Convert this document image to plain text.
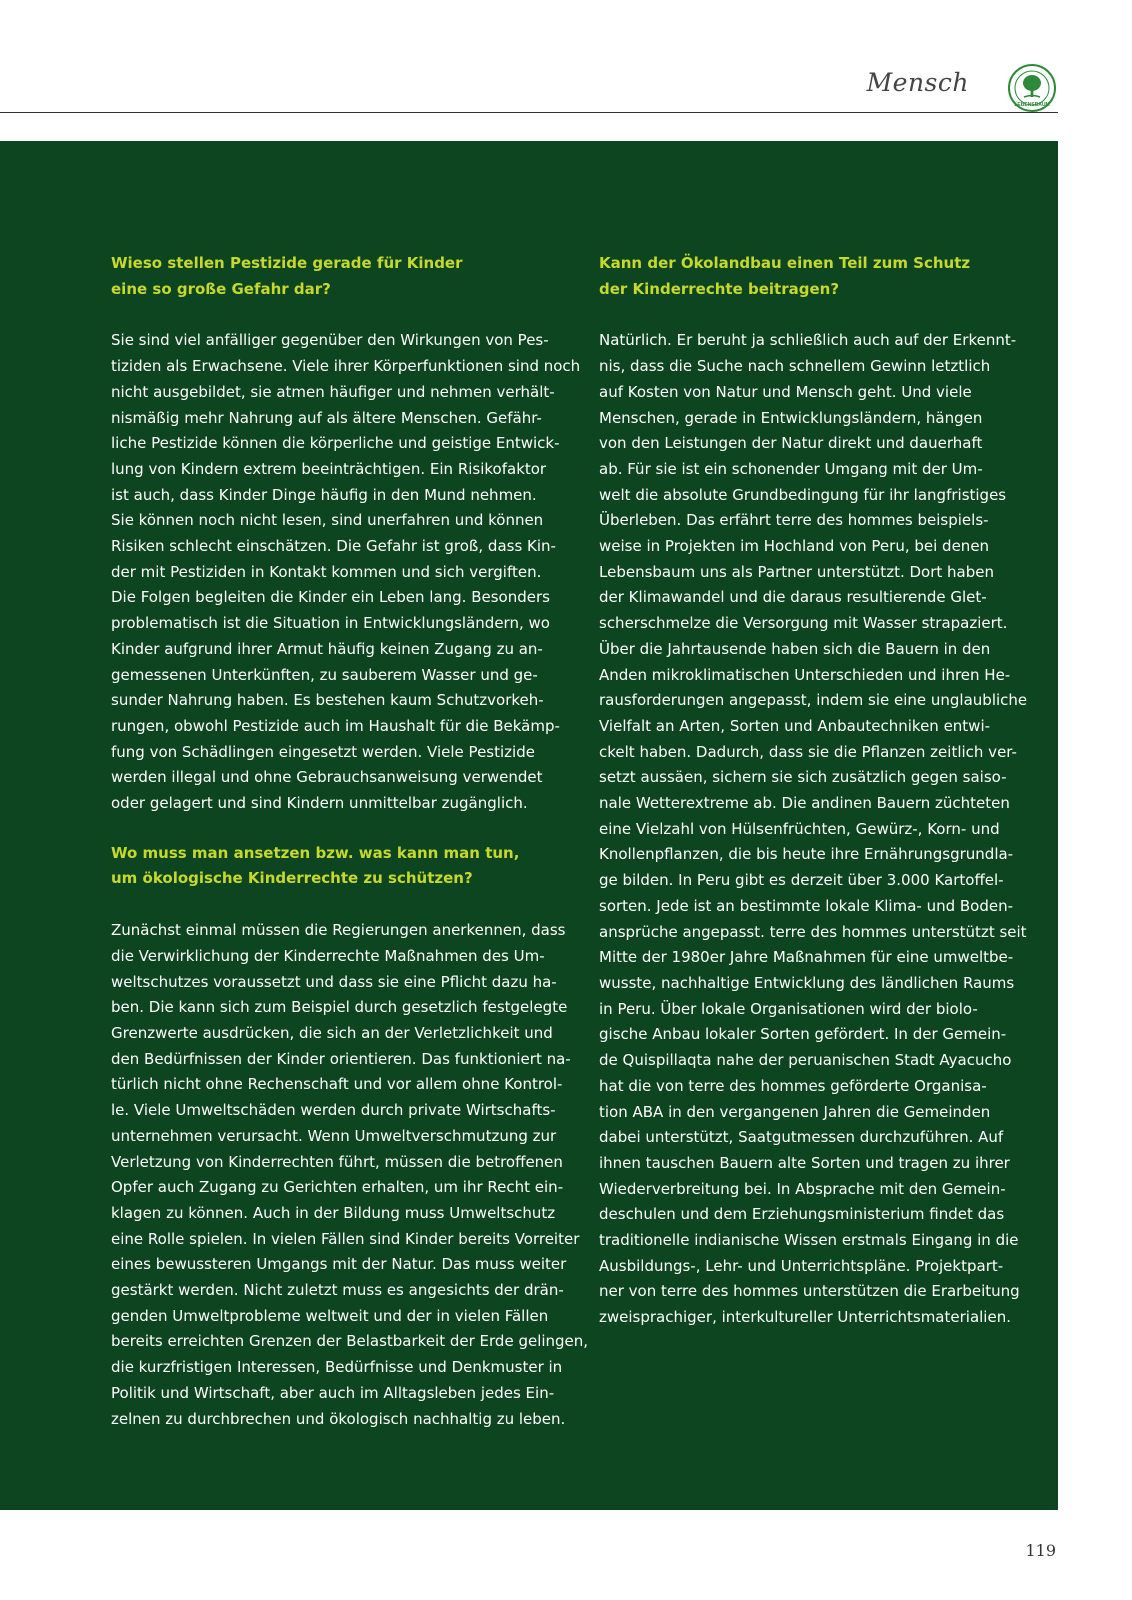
Mensch
LEBENSBAUM
Wieso stellen Pestizide gerade für Kinder
eine so große Gefahr dar?
Sie sind viel anfälliger gegenüber den Wirkungen von Pes-
tiziden als Erwachsene. Viele ihrer Körperfunktionen sind noch
nicht ausgebildet, sie atmen häufiger und nehmen verhält-
nismäßig mehr Nahrung auf als ältere Menschen. Gefähr-
liche Pestizide können die körperliche und geistige Entwick-
lung von Kindern extrem beeinträchtigen. Ein Risikofaktor
ist auch, dass Kinder Dinge häufig in den Mund nehmen.
Sie können noch nicht lesen, sind unerfahren und können
Risiken schlecht einschätzen. Die Gefahr ist groß, dass Kin-
der mit Pestiziden in Kontakt kommen und sich vergiften.
Die Folgen begleiten die Kinder ein Leben lang. Besonders
problematisch ist die Situation in Entwicklungsländern, wo
Kinder aufgrund ihrer Armut häufig keinen Zugang zu an-
gemessenen Unterkünften, zu sauberem Wasser und ge-
sunder Nahrung haben. Es bestehen kaum Schutzvorkeh-
rungen, obwohl Pestizide auch im Haushalt für die Bekämp-
fung von Schädlingen eingesetzt werden. Viele Pestizide
werden illegal und ohne Gebrauchsanweisung verwendet
oder gelagert und sind Kindern unmittelbar zugänglich.
Wo muss man ansetzen bzw. was kann man tun,
um ökologische Kinderrechte zu schützen?
Zunächst einmal müssen die Regierungen anerkennen, dass
die Verwirklichung der Kinderrechte Maßnahmen des Um-
weltschutzes voraussetzt und dass sie eine Pflicht dazu ha-
ben. Die kann sich zum Beispiel durch gesetzlich festgelegte
Grenzwerte ausdrücken, die sich an der Verletzlichkeit und
den Bedürfnissen der Kinder orientieren. Das funktioniert na-
türlich nicht ohne Rechenschaft und vor allem ohne Kontrol-
le. Viele Umweltschäden werden durch private Wirtschafts-
unternehmen verursacht. Wenn Umweltverschmutzung zur
Verletzung von Kinderrechten führt, müssen die betroffenen
Opfer auch Zugang zu Gerichten erhalten, um ihr Recht ein-
klagen zu können. Auch in der Bildung muss Umweltschutz
eine Rolle spielen. In vielen Fällen sind Kinder bereits Vorreiter
eines bewussteren Umgangs mit der Natur. Das muss weiter
gestärkt werden. Nicht zuletzt muss es angesichts der drän-
genden Umweltprobleme weltweit und der in vielen Fällen
bereits erreichten Grenzen der Belastbarkeit der Erde gelingen,
die kurzfristigen Interessen, Bedürfnisse und Denkmuster in
Politik und Wirtschaft, aber auch im Alltagsleben jedes Ein-
zelnen zu durchbrechen und ökologisch nachhaltig zu leben.
Kann der Ökolandbau einen Teil zum Schutz
der Kinderrechte beitragen?
Natürlich. Er beruht ja schließlich auch auf der Erkennt-
nis, dass die Suche nach schnellem Gewinn letztlich
auf Kosten von Natur und Mensch geht. Und viele
Menschen, gerade in Entwicklungsländern, hängen
von den Leistungen der Natur direkt und dauerhaft
ab. Für sie ist ein schonender Umgang mit der Um-
welt die absolute Grundbedingung für ihr langfristiges
Überleben. Das erfährt terre des hommes beispiels-
weise in Projekten im Hochland von Peru, bei denen
Lebensbaum uns als Partner unterstützt. Dort haben
der Klimawandel und die daraus resultierende Glet-
scherschmelze die Versorgung mit Wasser strapaziert.
Über die Jahrtausende haben sich die Bauern in den
Anden mikroklimatischen Unterschieden und ihren He-
rausforderungen angepasst, indem sie eine unglaubliche
Vielfalt an Arten, Sorten und Anbautechniken entwi-
ckelt haben. Dadurch, dass sie die Pflanzen zeitlich ver-
setzt aussäen, sichern sie sich zusätzlich gegen saiso-
nale Wetterextreme ab. Die andinen Bauern züchteten
eine Vielzahl von Hülsenfrüchten, Gewürz-, Korn- und
Knollenpflanzen, die bis heute ihre Ernährungsgrundla-
ge bilden. In Peru gibt es derzeit über 3.000 Kartoffel-
sorten. Jede ist an bestimmte lokale Klima- und Boden-
ansprüche angepasst. terre des hommes unterstützt seit
Mitte der 1980er Jahre Maßnahmen für eine umweltbe-
wusste, nachhaltige Entwicklung des ländlichen Raums
in Peru. Über lokale Organisationen wird der biolo-
gische Anbau lokaler Sorten gefördert. In der Gemein-
de Quispillaqta nahe der peruanischen Stadt Ayacucho
hat die von terre des hommes geförderte Organisa-
tion ABA in den vergangenen Jahren die Gemeinden
dabei unterstützt, Saatgutmessen durchzuführen. Auf
ihnen tauschen Bauern alte Sorten und tragen zu ihrer
Wiederverbreitung bei. In Absprache mit den Gemein-
deschulen und dem Erziehungsministerium findet das
traditionelle indianische Wissen erstmals Eingang in die
Ausbildungs-, Lehr- und Unterrichtspläne. Projektpart-
ner von terre des hommes unterstützen die Erarbeitung
zweisprachiger, interkultureller Unterrichtsmaterialien.
119
